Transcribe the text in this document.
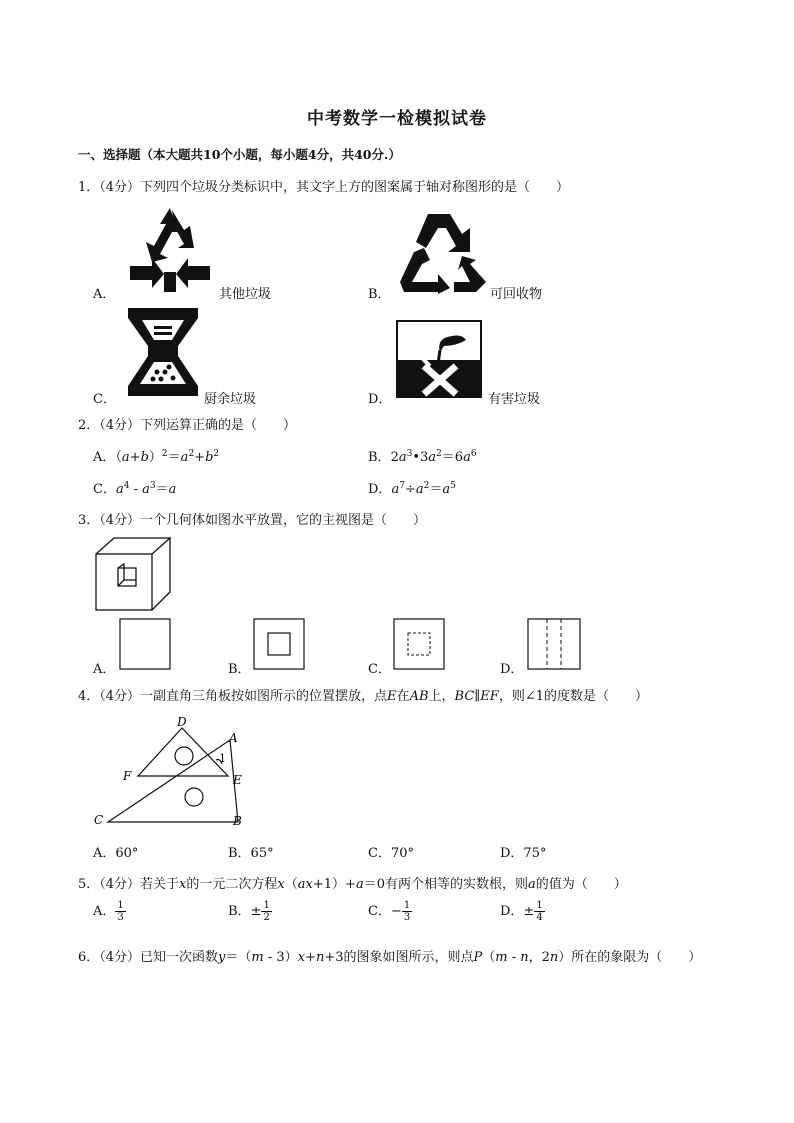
中考数学一检模拟试卷
一、选择题（本大题共10个小题，每小题4分，共40分.）
1．（4分）下列四个垃圾分类标识中，其文字上方的图案属于轴对称图形的是（　　）
A．	其他垃圾	B．	可回收物
C．	厨余垃圾	D．	有害垃圾
2．（4分）下列运算正确的是（　　）
A．$(a+b)^2=a^2+b^2$	B．$2a^3•3a^2=6a^6$
C．$a^4 - a^3=a$	D．$a^7\div a^2=a^5$
3．（4分）一个几何体如图水平放置，它的主视图是（　　）
A．	B．	C．	D．
4．（4分）一副直角三角板按如图所示的位置摆放，点E在AB上，BC∥EF，则∠1的度数是（　　）
D
A
F
1
E
C	B
A．60°	B．65°	C．70°	D．75°
5．（4分）若关于x的一元二次方程x（ax+1）+a＝0有两个相等的实数根，则a的值为（　　）
A． $\frac{1}{3}$	B．± $\frac{1}{2}$	C．− $\frac{1}{3}$	D．± $\frac{1}{4}$
6．（4分）已知一次函数y＝（m - 3）x+n+3的图象如图所示，则点P（m - n，2n）所在的象限为（　　）
